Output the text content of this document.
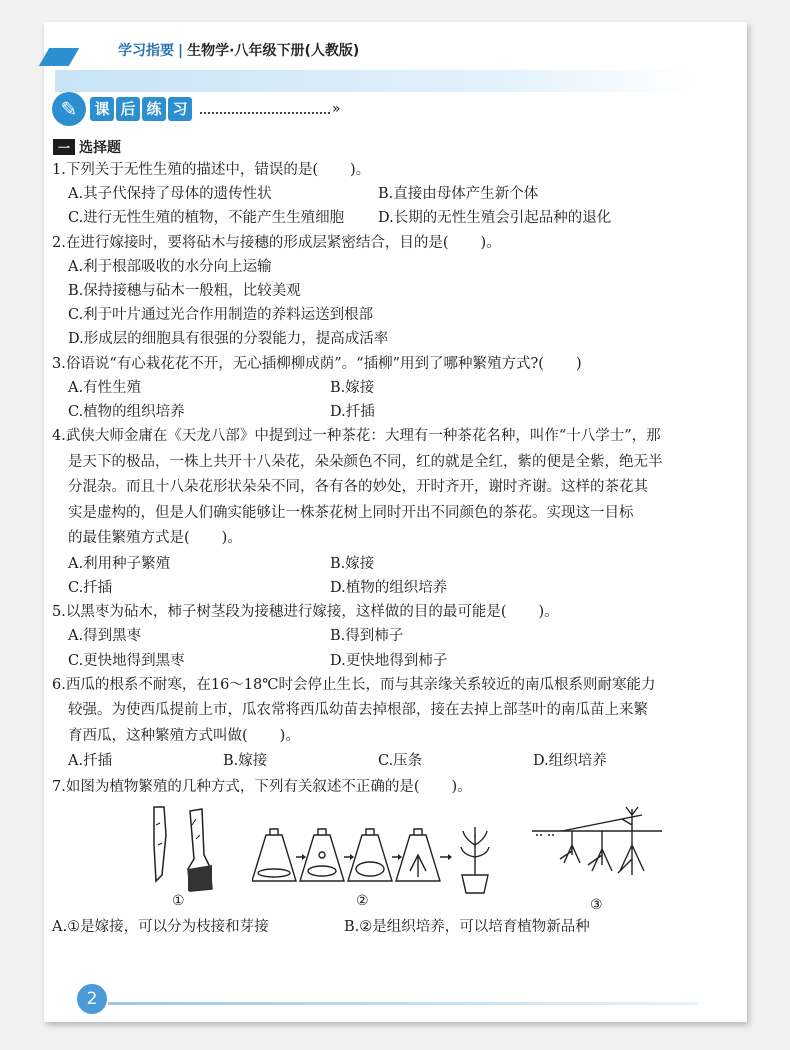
学习指要 | 生物学·八年级下册(人教版)
✎	课 后 练 习	»
一 选择题
1.下列关于无性生殖的描述中，错误的是( )。
A.其子代保持了母体的遗传性状	B.直接由母体产生新个体
C.进行无性生殖的植物，不能产生生殖细胞	D.长期的无性生殖会引起品种的退化
2.在进行嫁接时，要将砧木与接穗的形成层紧密结合，目的是( )。
A.利于根部吸收的水分向上运输
B.保持接穗与砧木一般粗，比较美观
C.利于叶片通过光合作用制造的养料运送到根部
D.形成层的细胞具有很强的分裂能力，提高成活率
3.俗语说“有心栽花花不开，无心插柳柳成荫”。“插柳”用到了哪种繁殖方式?( )
A.有性生殖	B.嫁接
C.植物的组织培养	D.扦插
4.武侠大师金庸在《天龙八部》中提到过一种茶花：大理有一种茶花名种，叫作“十八学士”，那
是天下的极品，一株上共开十八朵花，朵朵颜色不同，红的就是全红，紫的便是全紫，绝无半
分混杂。而且十八朵花形状朵朵不同，各有各的妙处，开时齐开，谢时齐谢。这样的茶花其
实是虚构的，但是人们确实能够让一株茶花树上同时开出不同颜色的茶花。实现这一目标
的最佳繁殖方式是( )。
A.利用种子繁殖	B.嫁接
C.扦插	D.植物的组织培养
5.以黑枣为砧木，柿子树茎段为接穗进行嫁接，这样做的目的最可能是( )。
A.得到黑枣	B.得到柿子
C.更快地得到黑枣	D.更快地得到柿子
6.西瓜的根系不耐寒，在16～18℃时会停止生长，而与其亲缘关系较近的南瓜根系则耐寒能力
较强。为使西瓜提前上市，瓜农常将西瓜幼苗去掉根部，接在去掉上部茎叶的南瓜苗上来繁
育西瓜，这种繁殖方式叫做( )。
A.扦插	B.嫁接	C.压条	D.组织培养
7.如图为植物繁殖的几种方式，下列有关叙述不正确的是( )。
①	②	③
A.①是嫁接，可以分为枝接和芽接	B.②是组织培养，可以培育植物新品种
2
